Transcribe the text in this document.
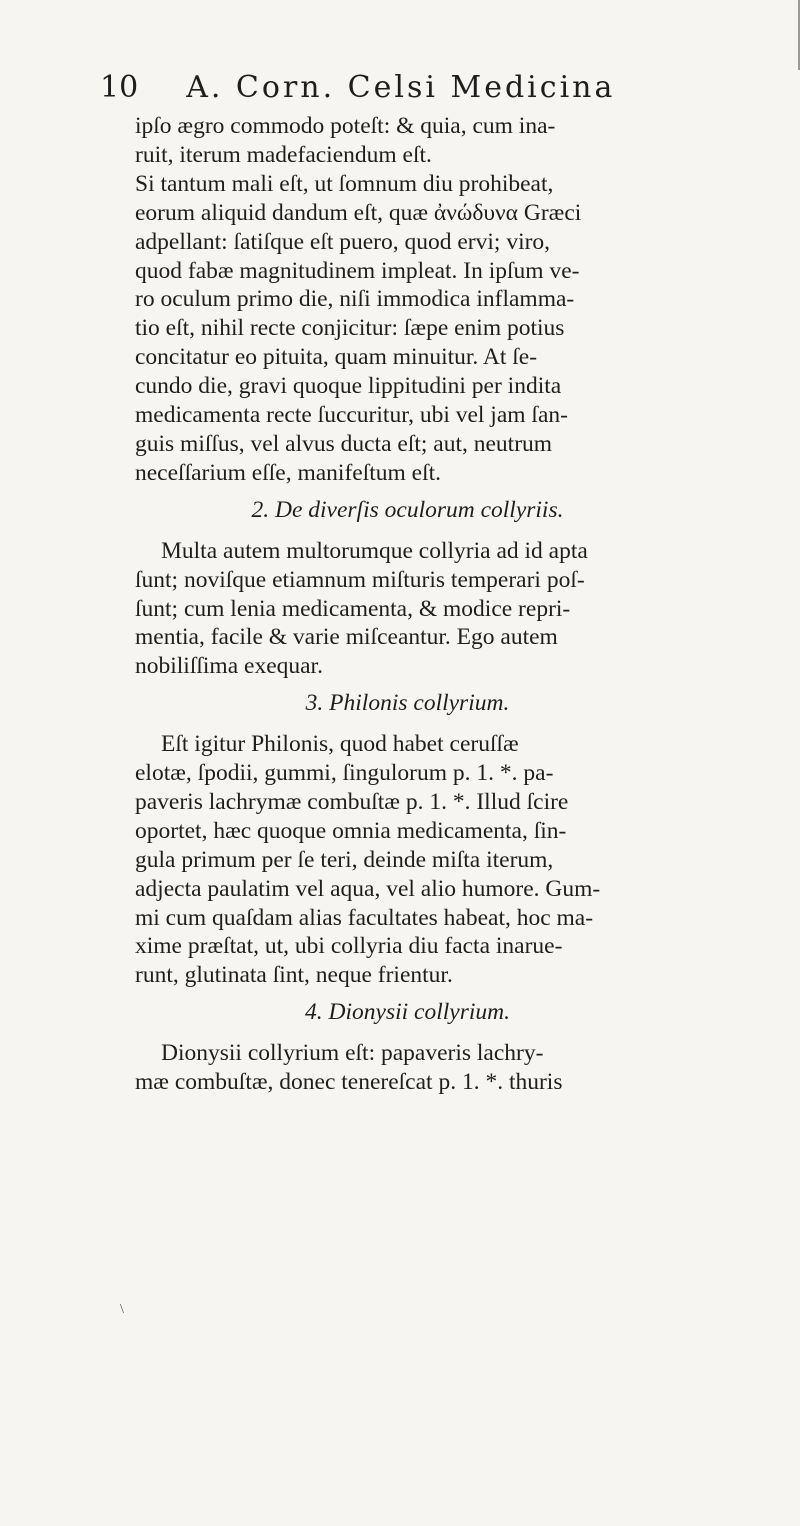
10 A. Corn. Celsi Medicina
ipſo ægro commodo poteſt: & quia, cum ina-
ruit, iterum madefaciendum eſt.
Si tantum mali eſt, ut ſomnum diu prohibeat,
eorum aliquid dandum eſt, quæ ἀνώδυνα Græci
adpellant: ſatiſque eſt puero, quod ervi; viro,
quod fabæ magnitudinem impleat. In ipſum ve-
ro oculum primo die, niſi immodica inflamma-
tio eſt, nihil recte conjicitur: ſæpe enim potius
concitatur eo pituita, quam minuitur. At ſe-
cundo die, gravi quoque lippitudini per indita
medicamenta recte ſuccuritur, ubi vel jam ſan-
guis miſſus, vel alvus ducta eſt; aut, neutrum
neceſſarium eſſe, manifeſtum eſt.
2. De diverſis oculorum collyriis.
Multa autem multorumque collyria ad id apta
ſunt; noviſque etiamnum miſturis temperari poſ-
ſunt; cum lenia medicamenta, & modice repri-
mentia, facile & varie miſceantur. Ego autem
nobiliſſima exequar.
3. Philonis collyrium.
Eſt igitur Philonis, quod habet ceruſſæ
elotæ, ſpodii, gummi, ſingulorum p. 1. *. pa-
paveris lachrymæ combuſtæ p. 1. *. Illud ſcire
oportet, hæc quoque omnia medicamenta, ſin-
gula primum per ſe teri, deinde miſta iterum,
adjecta paulatim vel aqua, vel alio humore. Gum-
mi cum quaſdam alias facultates habeat, hoc ma-
xime præſtat, ut, ubi collyria diu facta inarue-
runt, glutinata ſint, neque frientur.
4. Dionysii collyrium.
Dionysii collyrium eſt: papaveris lachry-
mæ combuſtæ, donec tenereſcat p. 1. *. thuris
\
